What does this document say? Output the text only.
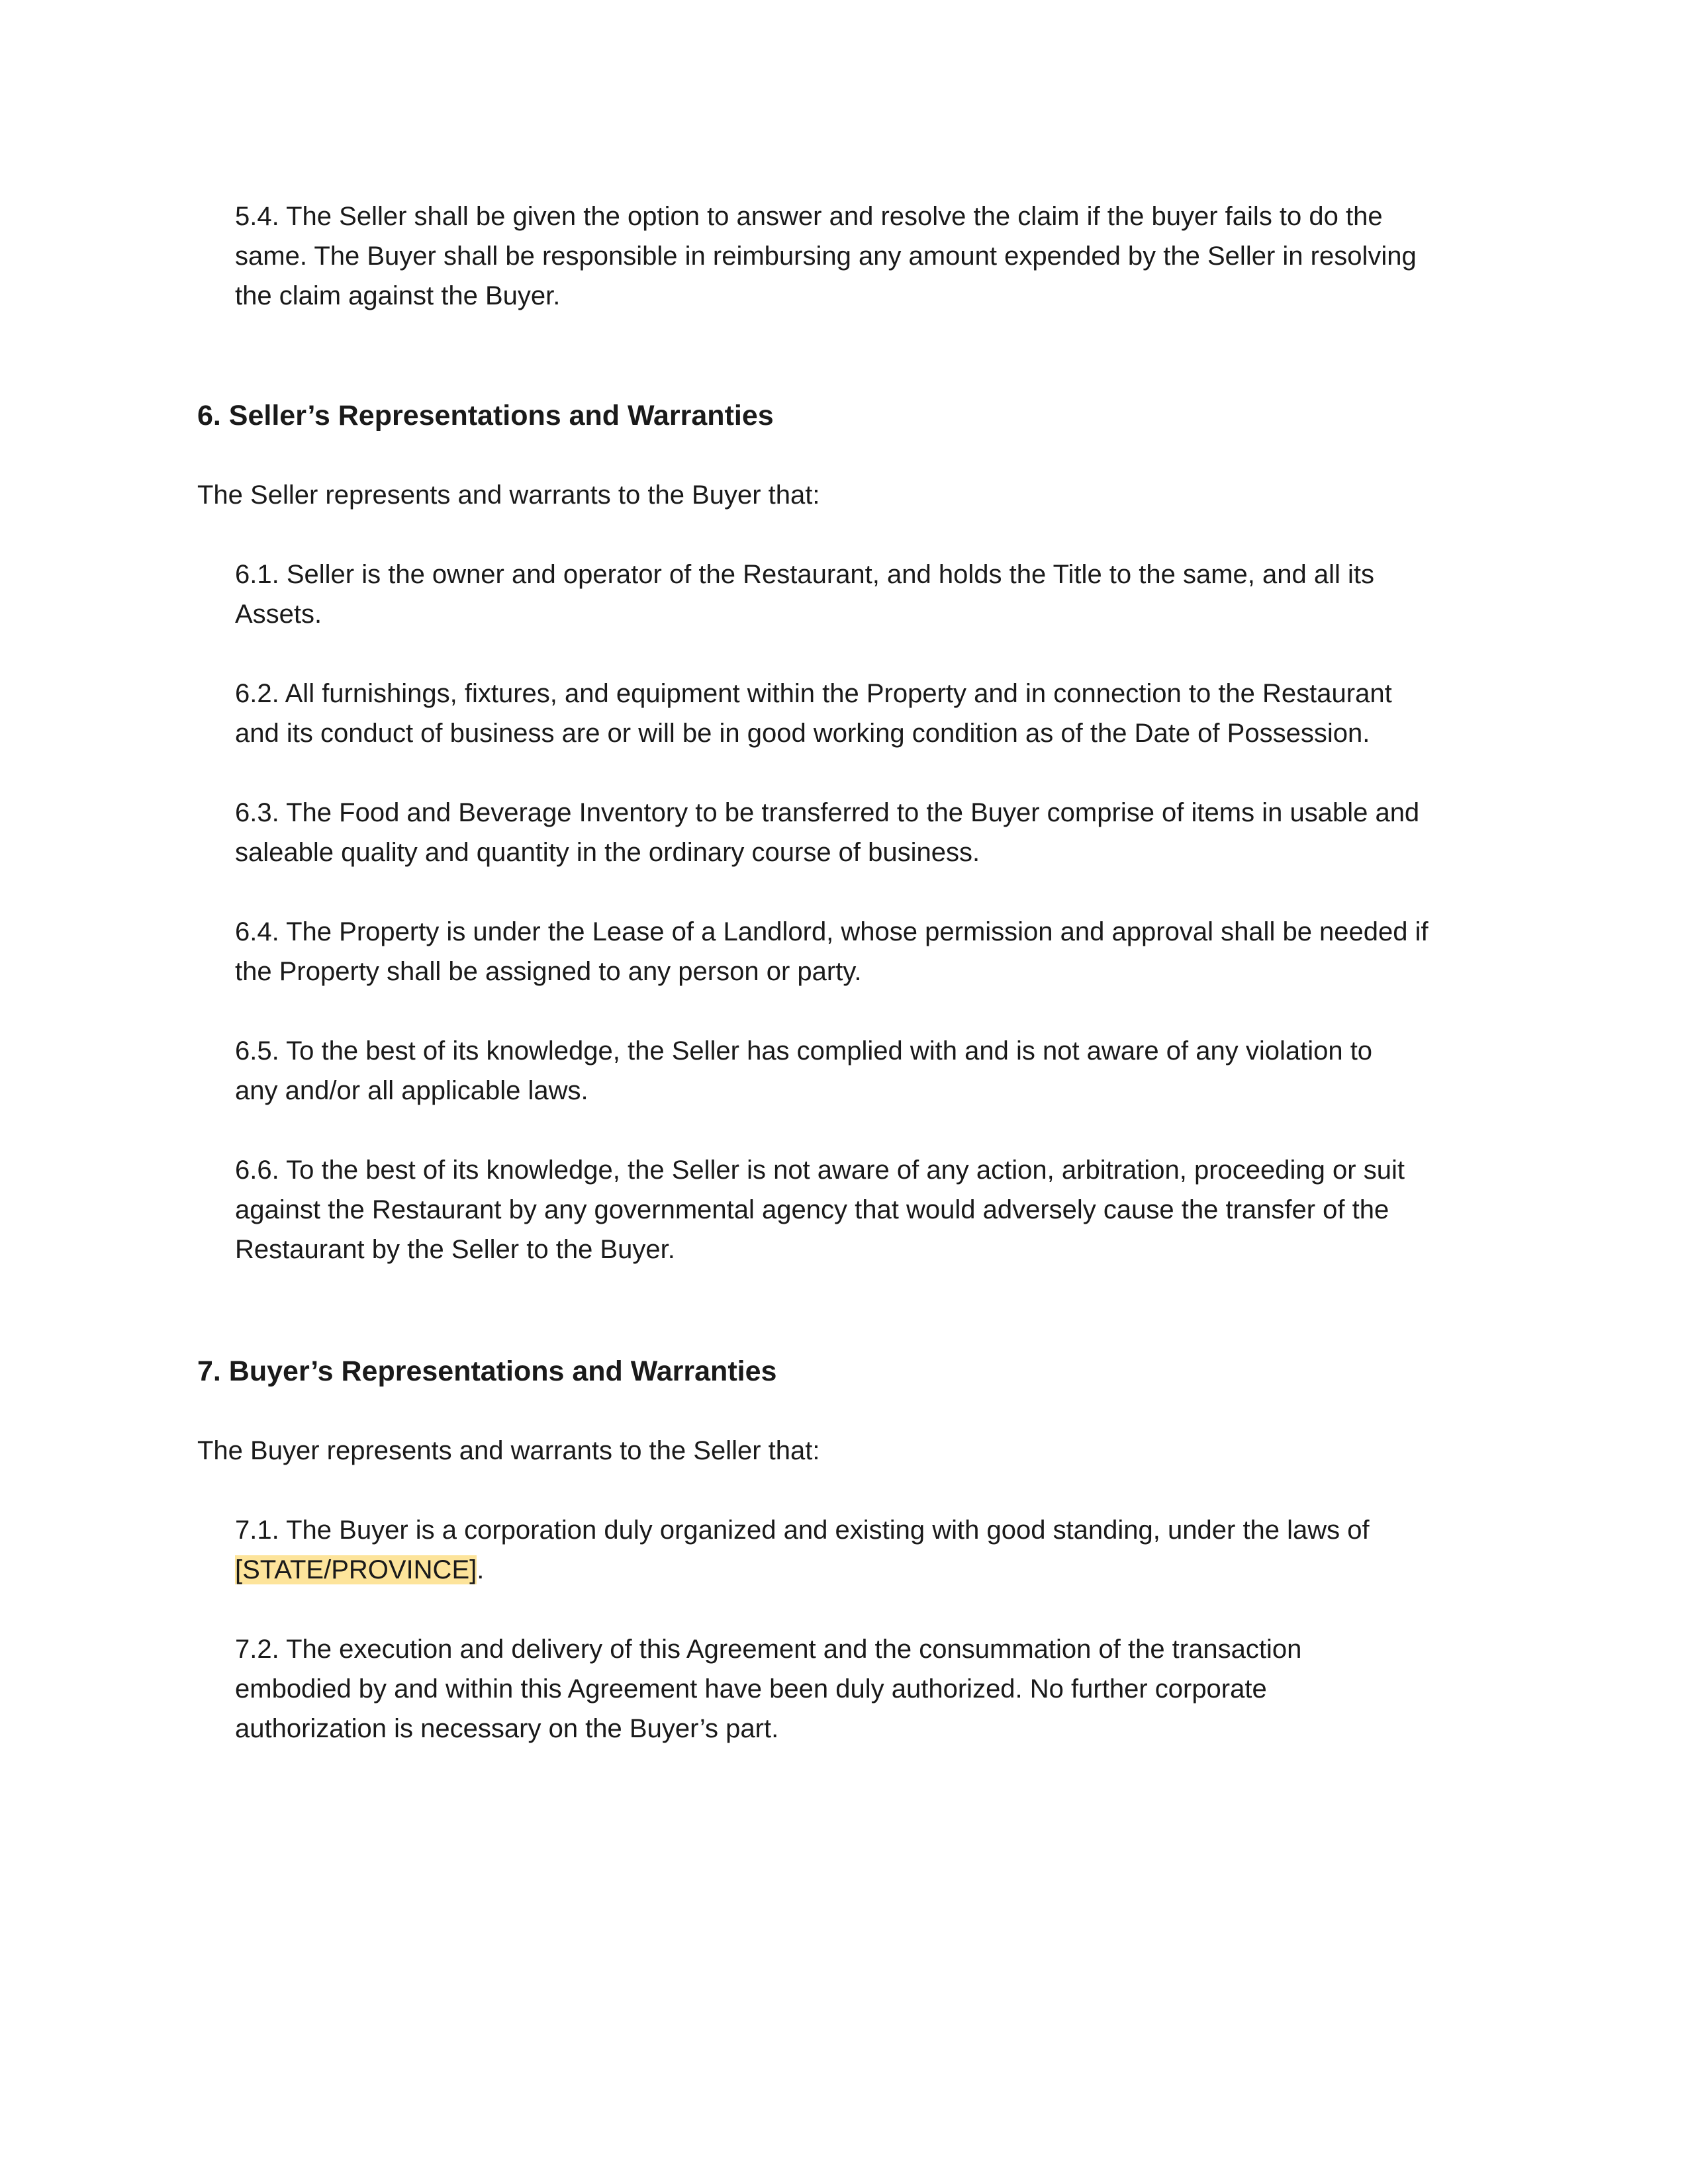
5.4. The Seller shall be given the option to answer and resolve the claim if the buyer fails to do the
same. The Buyer shall be responsible in reimbursing any amount expended by the Seller in resolving
the claim against the Buyer.

6. Seller’s Representations and Warranties

The Seller represents and warrants to the Buyer that:

6.1. Seller is the owner and operator of the Restaurant, and holds the Title to the same, and all its
Assets.

6.2. All furnishings, fixtures, and equipment within the Property and in connection to the Restaurant
and its conduct of business are or will be in good working condition as of the Date of Possession.

6.3. The Food and Beverage Inventory to be transferred to the Buyer comprise of items in usable and
saleable quality and quantity in the ordinary course of business.

6.4. The Property is under the Lease of a Landlord, whose permission and approval shall be needed if
the Property shall be assigned to any person or party.

6.5. To the best of its knowledge, the Seller has complied with and is not aware of any violation to
any and/or all applicable laws.

6.6. To the best of its knowledge, the Seller is not aware of any action, arbitration, proceeding or suit
against the Restaurant by any governmental agency that would adversely cause the transfer of the
Restaurant by the Seller to the Buyer.

7. Buyer’s Representations and Warranties

The Buyer represents and warrants to the Seller that:

7.1. The Buyer is a corporation duly organized and existing with good standing, under the laws of
[STATE/PROVINCE].

7.2. The execution and delivery of this Agreement and the consummation of the transaction
embodied by and within this Agreement have been duly authorized. No further corporate
authorization is necessary on the Buyer’s part.
